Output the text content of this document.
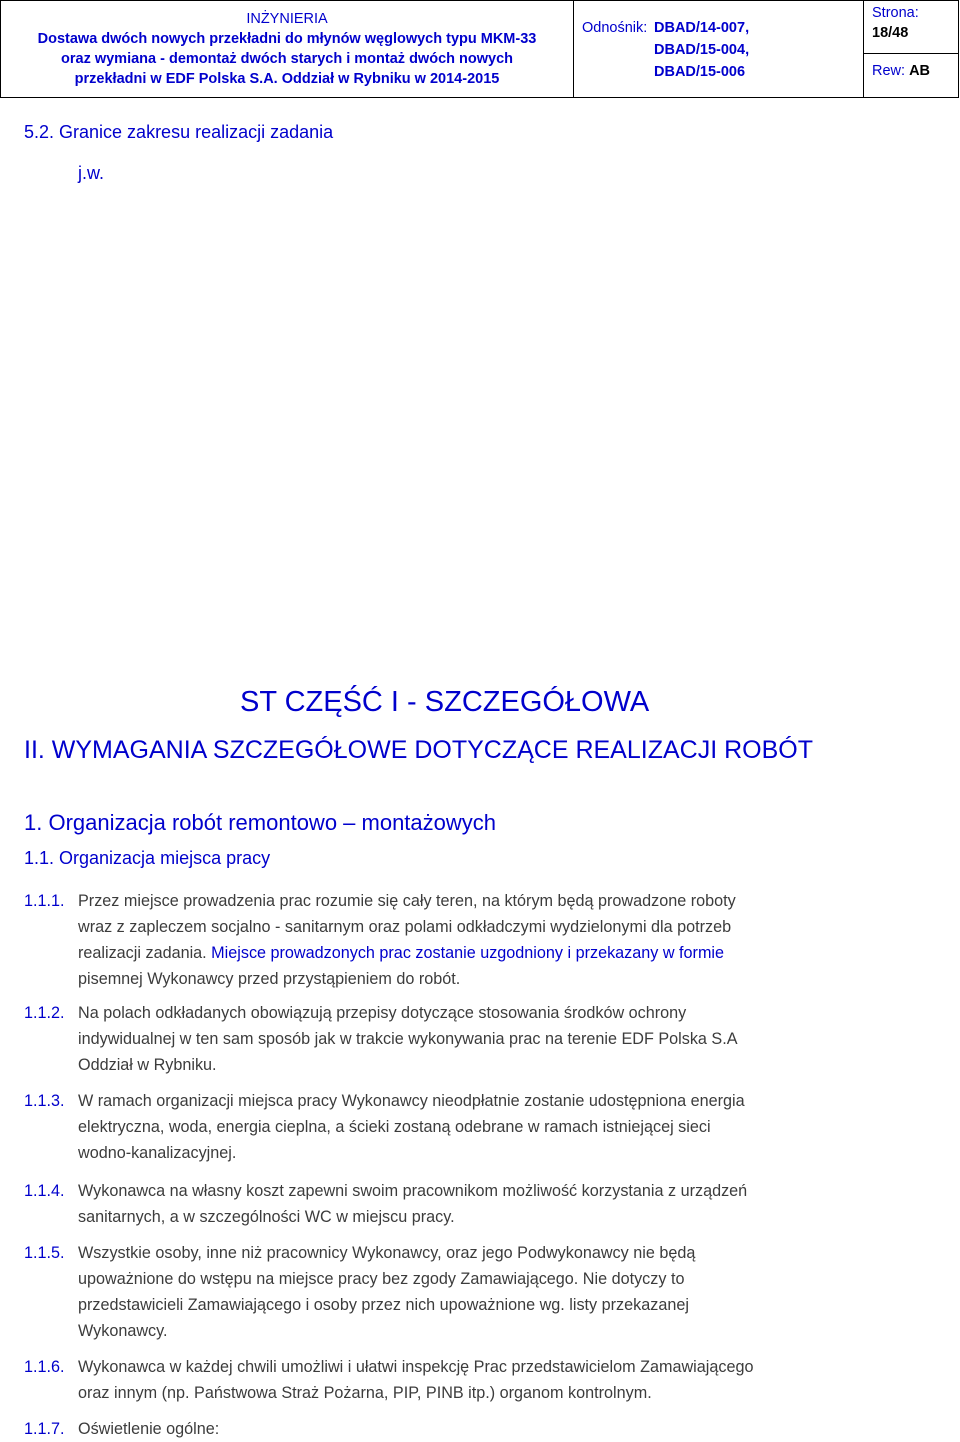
INŻYNIERIA
Dostawa dwóch nowych przekładni do młynów węglowych typu MKM-33
oraz wymiana - demontaż dwóch starych i montaż dwóch nowych
przekładni w EDF Polska S.A. Oddział w Rybniku w 2014-2015
Odnośnik: DBAD/14-007,
DBAD/15-004,
DBAD/15-006
Strona:
18/48
Rew: AB
5.2. Granice zakresu realizacji zadania
j.w.
ST CZĘŚĆ I - SZCZEGÓŁOWA
II. WYMAGANIA SZCZEGÓŁOWE DOTYCZĄCE REALIZACJI ROBÓT
1. Organizacja robót remontowo – montażowych
1.1. Organizacja miejsca pracy
1.1.1. Przez miejsce prowadzenia prac rozumie się cały teren, na którym będą prowadzone roboty
wraz z zapleczem socjalno - sanitarnym oraz polami odkładczymi wydzielonymi dla potrzeb
realizacji zadania. Miejsce prowadzonych prac zostanie uzgodniony i przekazany w formie
pisemnej Wykonawcy przed przystąpieniem do robót.
1.1.2. Na polach odkładanych obowiązują przepisy dotyczące stosowania środków ochrony
indywidualnej w ten sam sposób jak w trakcie wykonywania prac na terenie EDF Polska S.A
Oddział w Rybniku.
1.1.3. W ramach organizacji miejsca pracy Wykonawcy nieodpłatnie zostanie udostępniona energia
elektryczna, woda, energia cieplna, a ścieki zostaną odebrane w ramach istniejącej sieci
wodno-kanalizacyjnej.
1.1.4. Wykonawca na własny koszt zapewni swoim pracownikom możliwość korzystania z urządzeń
sanitarnych, a w szczególności WC w miejscu pracy.
1.1.5. Wszystkie osoby, inne niż pracownicy Wykonawcy, oraz jego Podwykonawcy nie będą
upoważnione do wstępu na miejsce pracy bez zgody Zamawiającego. Nie dotyczy to
przedstawicieli Zamawiającego i osoby przez nich upoważnione wg. listy przekazanej
Wykonawcy.
1.1.6. Wykonawca w każdej chwili umożliwi i ułatwi inspekcję Prac przedstawicielom Zamawiającego
oraz innym (np. Państwowa Straż Pożarna, PIP, PINB itp.) organom kontrolnym.
1.1.7. Oświetlenie ogólne:
